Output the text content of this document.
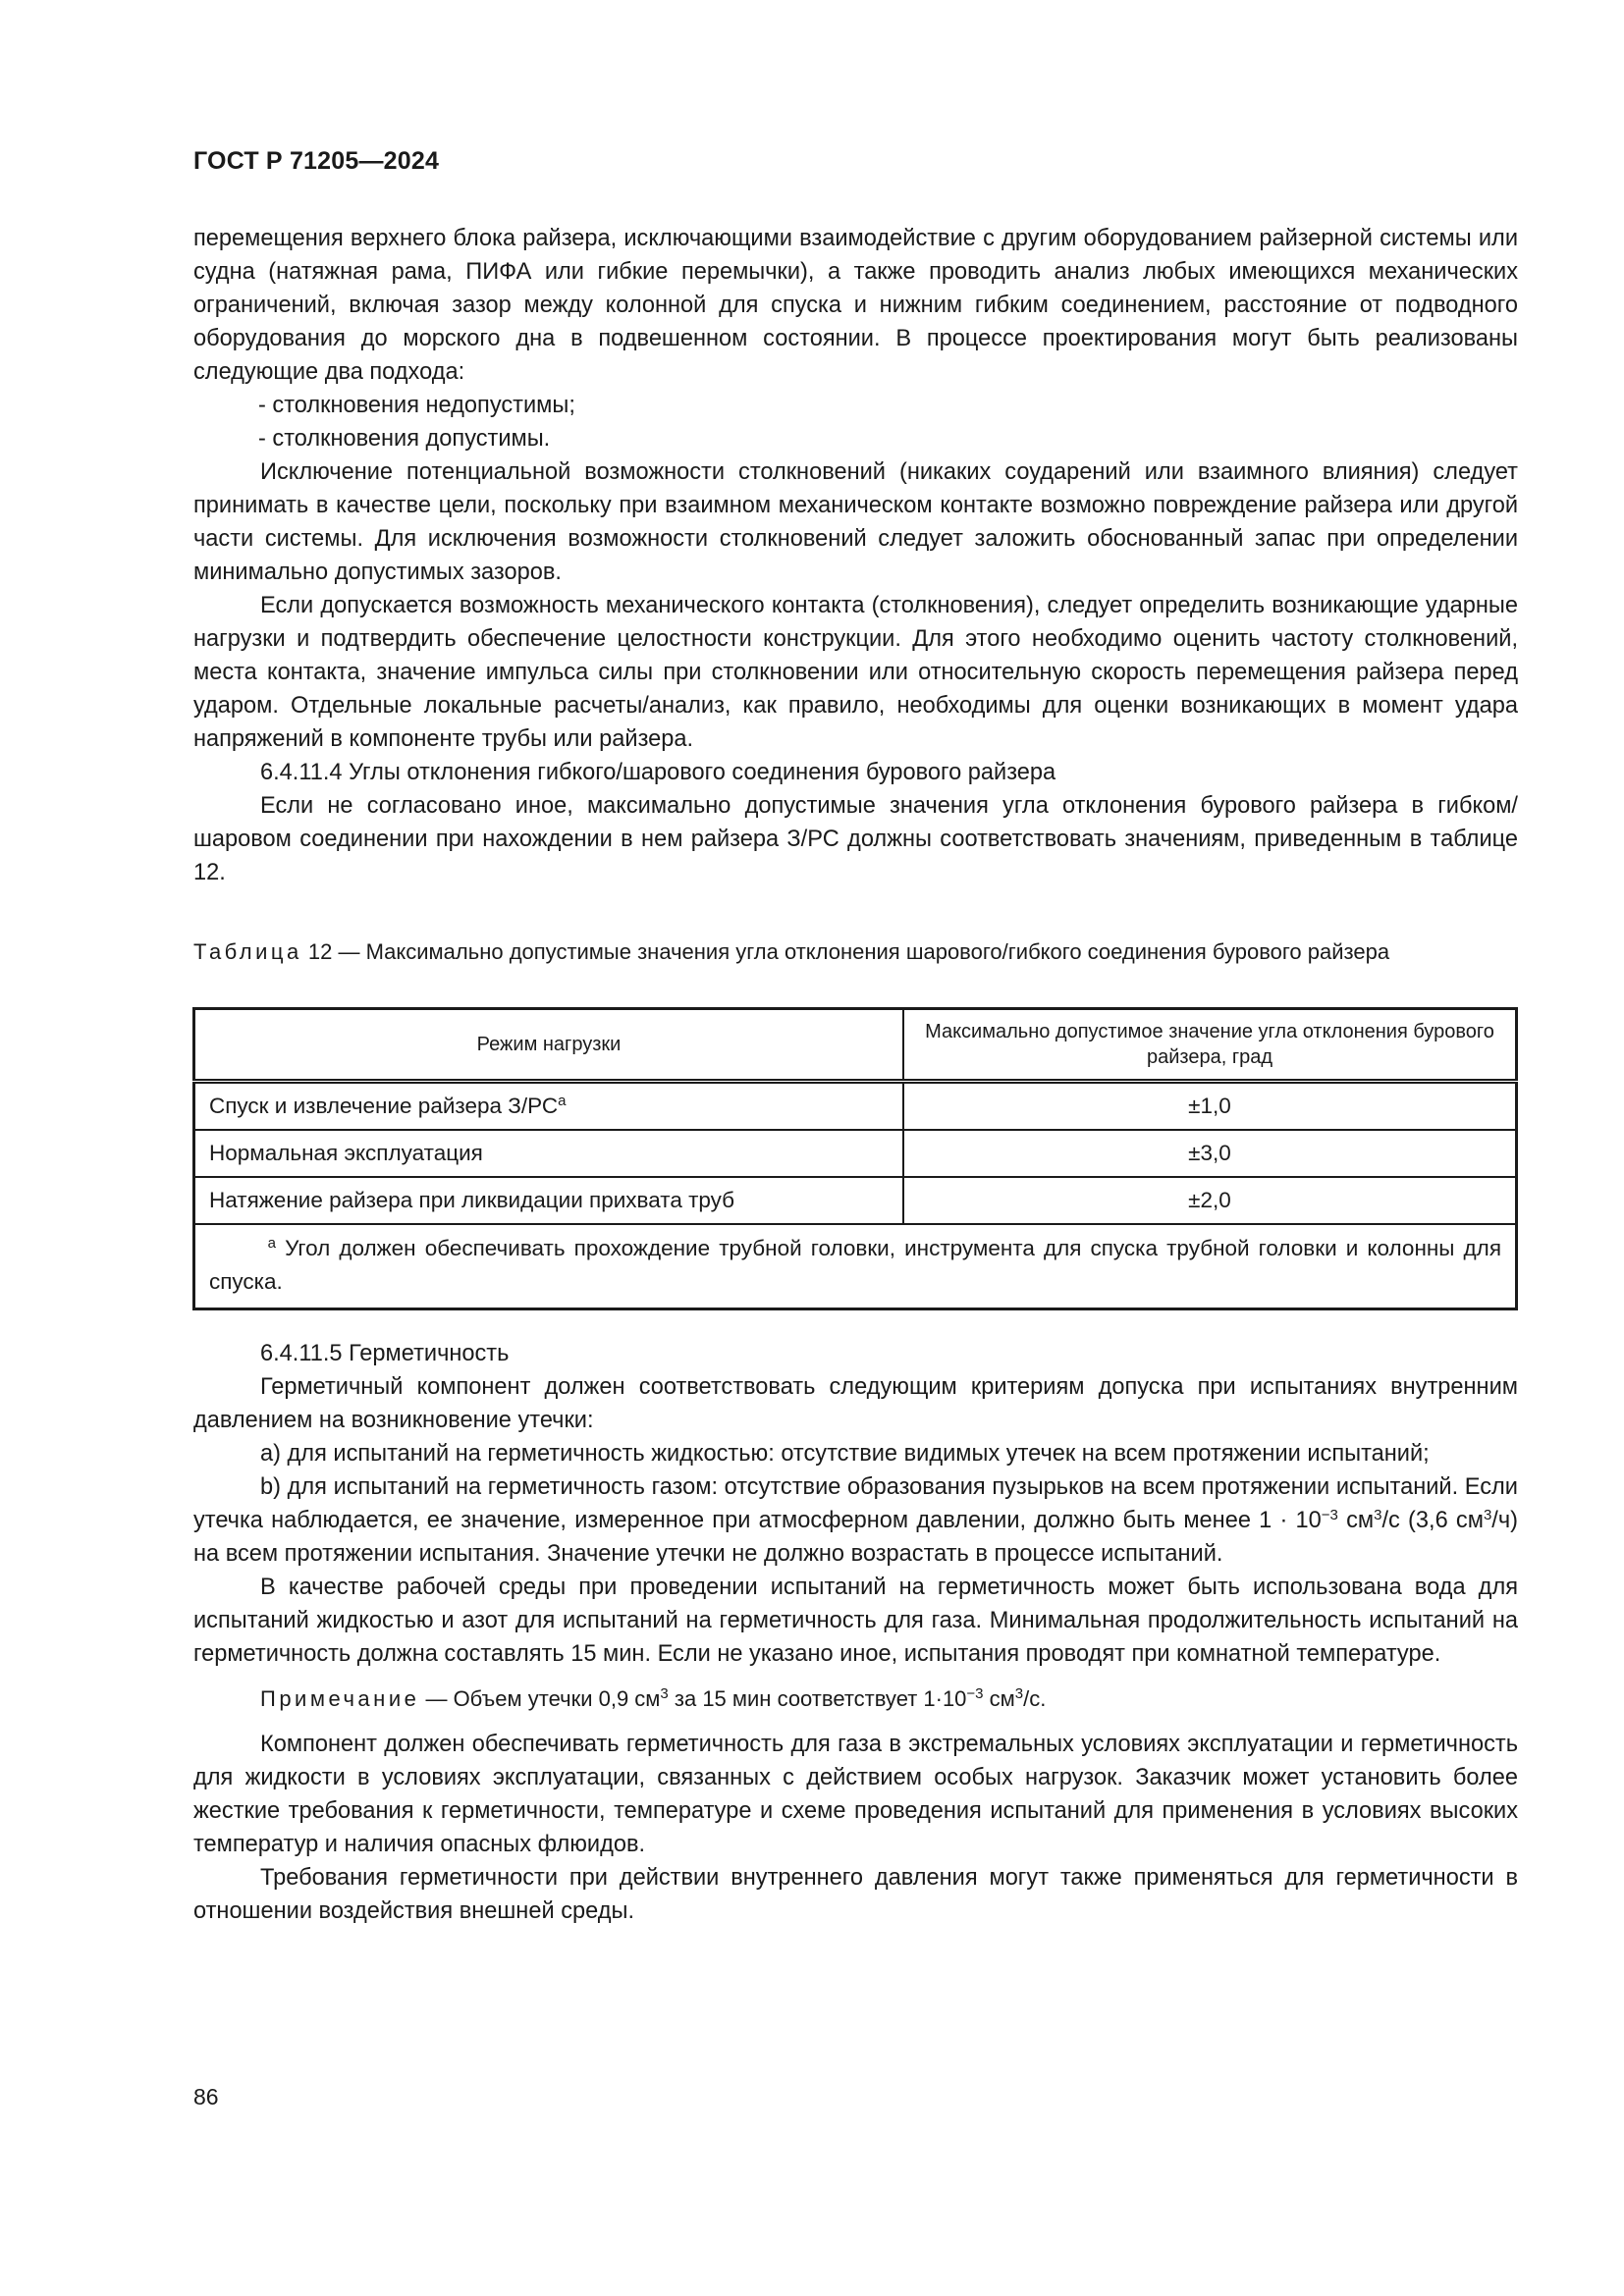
ГОСТ Р 71205—2024

перемещения верхнего блока райзера, исключающими взаимодействие с другим оборудованием райзерной системы или судна (натяжная рама, ПИФА или гибкие перемычки), а также проводить анализ любых имеющихся механических ограничений, включая зазор между колонной для спуска и нижним гибким соединением, расстояние от подводного оборудования до морского дна в подвешенном состоянии. В процессе проектирования могут быть реализованы следующие два подхода:

- столкновения недопустимы;

- столкновения допустимы.

Исключение потенциальной возможности столкновений (никаких соударений или взаимного влияния) следует принимать в качестве цели, поскольку при взаимном механическом контакте возможно повреждение райзера или другой части системы. Для исключения возможности столкновений следует заложить обоснованный запас при определении минимально допустимых зазоров.

Если допускается возможность механического контакта (столкновения), следует определить возникающие ударные нагрузки и подтвердить обеспечение целостности конструкции. Для этого необходимо оценить частоту столкновений, места контакта, значение импульса силы при столкновении или относительную скорость перемещения райзера перед ударом. Отдельные локальные расчеты/анализ, как правило, необходимы для оценки возникающих в момент удара напряжений в компоненте трубы или райзера.

6.4.11.4 Углы отклонения гибкого/шарового соединения бурового райзера

Если не согласовано иное, максимально допустимые значения угла отклонения бурового райзера в гибком/шаровом соединении при нахождении в нем райзера З/РС должны соответствовать значениям, приведенным в таблице 12.

Таблица 12 — Максимально допустимые значения угла отклонения шарового/гибкого соединения бурового райзера
Режим нагрузки	Максимально допустимое значение угла отклонения бурового райзера, град
Спуск и извлечение райзера $З/РС^a$	±1,0
Нормальная эксплуатация	±3,0
Натяжение райзера при ликвидации прихвата труб	±2,0
$^a$ Угол должен обеспечивать прохождение трубной головки, инструмента для спуска трубной головки и колонны для спуска.	

6.4.11.5 Герметичность

Герметичный компонент должен соответствовать следующим критериям допуска при испытаниях внутренним давлением на возникновение утечки:

а) для испытаний на герметичность жидкостью: отсутствие видимых утечек на всем протяжении испытаний;

b) для испытаний на герметичность газом: отсутствие образования пузырьков на всем протяжении испытаний. Если утечка наблюдается, ее значение, измеренное при атмосферном давлении, должно быть менее $1 \cdot 10^{-3}$ $см^3/с$ (3,6 $см^3/ч$) на всем протяжении испытания. Значение утечки не должно возрастать в процессе испытаний.

В качестве рабочей среды при проведении испытаний на герметичность может быть использована вода для испытаний жидкостью и азот для испытаний на герметичность для газа. Минимальная продолжительность испытаний на герметичность должна составлять 15 мин. Если не указано иное, испытания проводят при комнатной температуре.

Примечание — Объем утечки 0,9 $см^3$ за 15 мин соответствует $1\cdot 10^{-3}$ $см^3/с$.

Компонент должен обеспечивать герметичность для газа в экстремальных условиях эксплуатации и герметичность для жидкости в условиях эксплуатации, связанных с действием особых нагрузок. Заказчик может установить более жесткие требования к герметичности, температуре и схеме проведения испытаний для применения в условиях высоких температур и наличия опасных флюидов.

Требования герметичности при действии внутреннего давления могут также применяться для герметичности в отношении воздействия внешней среды.

86
